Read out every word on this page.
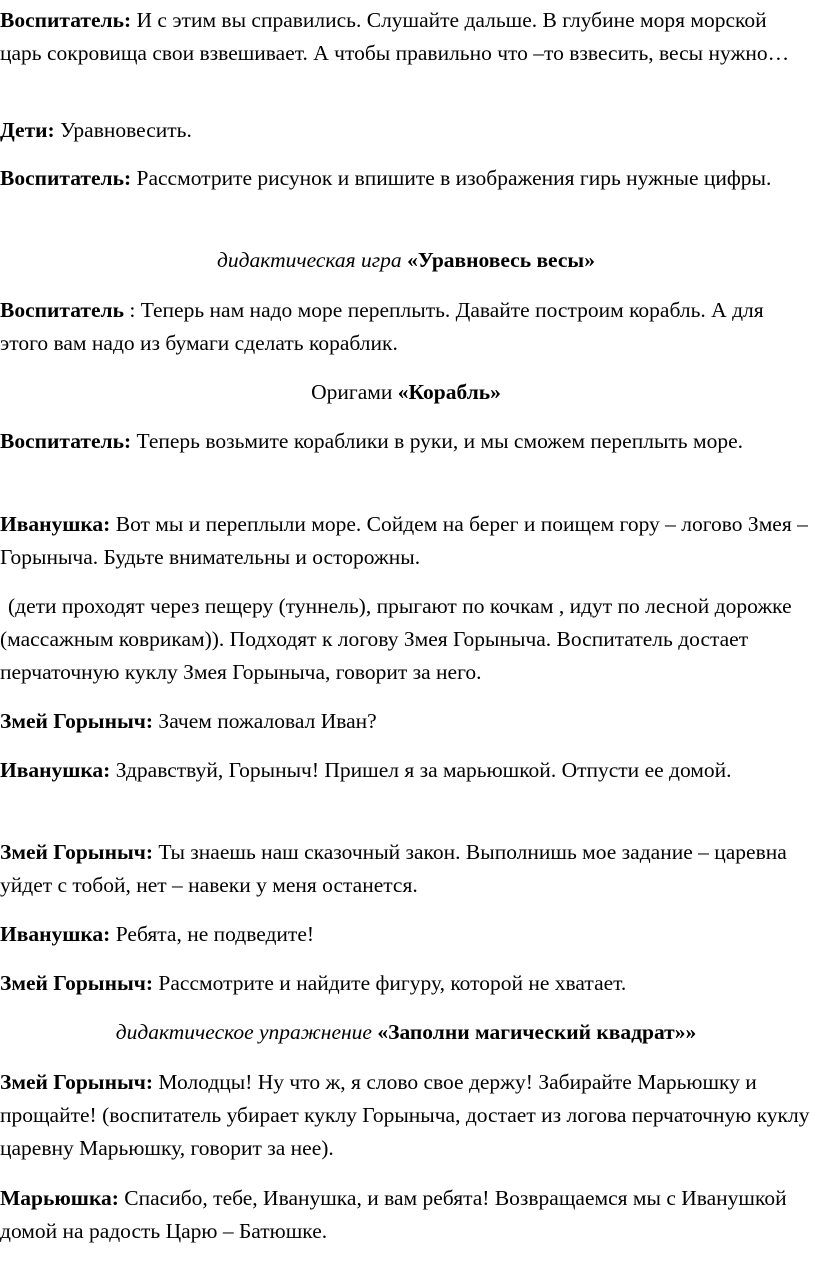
Воспитатель: И с этим вы справились. Слушайте дальше. В глубине моря морской царь сокровища свои взвешивает. А чтобы правильно что –то взвесить, весы нужно…

Дети: Уравновесить.

Воспитатель: Рассмотрите рисунок и впишите в изображения гирь нужные цифры.

дидактическая игра «Уравновесь весы»

Воспитатель : Теперь нам надо море переплыть. Давайте построим корабль. А для этого вам надо из бумаги сделать кораблик.

Оригами «Корабль»

Воспитатель: Теперь возьмите кораблики в руки, и мы сможем переплыть море.

Иванушка: Вот мы и переплыли море. Сойдем на берег и поищем гору – логово Змея – Горыныча. Будьте внимательны и осторожны.

(дети проходят через пещеру (туннель), прыгают по кочкам , идут по лесной дорожке (массажным коврикам)). Подходят к логову Змея Горыныча. Воспитатель достает перчаточную куклу Змея Горыныча, говорит за него.

Змей Горыныч: Зачем пожаловал Иван?

Иванушка: Здравствуй, Горыныч! Пришел я за марьюшкой. Отпусти ее домой.

Змей Горыныч: Ты знаешь наш сказочный закон. Выполнишь мое задание – царевна уйдет с тобой, нет – навеки у меня останется.

Иванушка: Ребята, не подведите!

Змей Горыныч: Рассмотрите и найдите фигуру, которой не хватает.

дидактическое упражнение «Заполни магический квадрат»»

Змей Горыныч: Молодцы! Ну что ж, я слово свое держу! Забирайте Марьюшку и прощайте! (воспитатель убирает куклу Горыныча, достает из логова перчаточную куклу царевну Марьюшку, говорит за нее).

Марьюшка: Спасибо, тебе, Иванушка, и вам ребята! Возвращаемся мы с Иванушкой домой на радость Царю – Батюшке.
